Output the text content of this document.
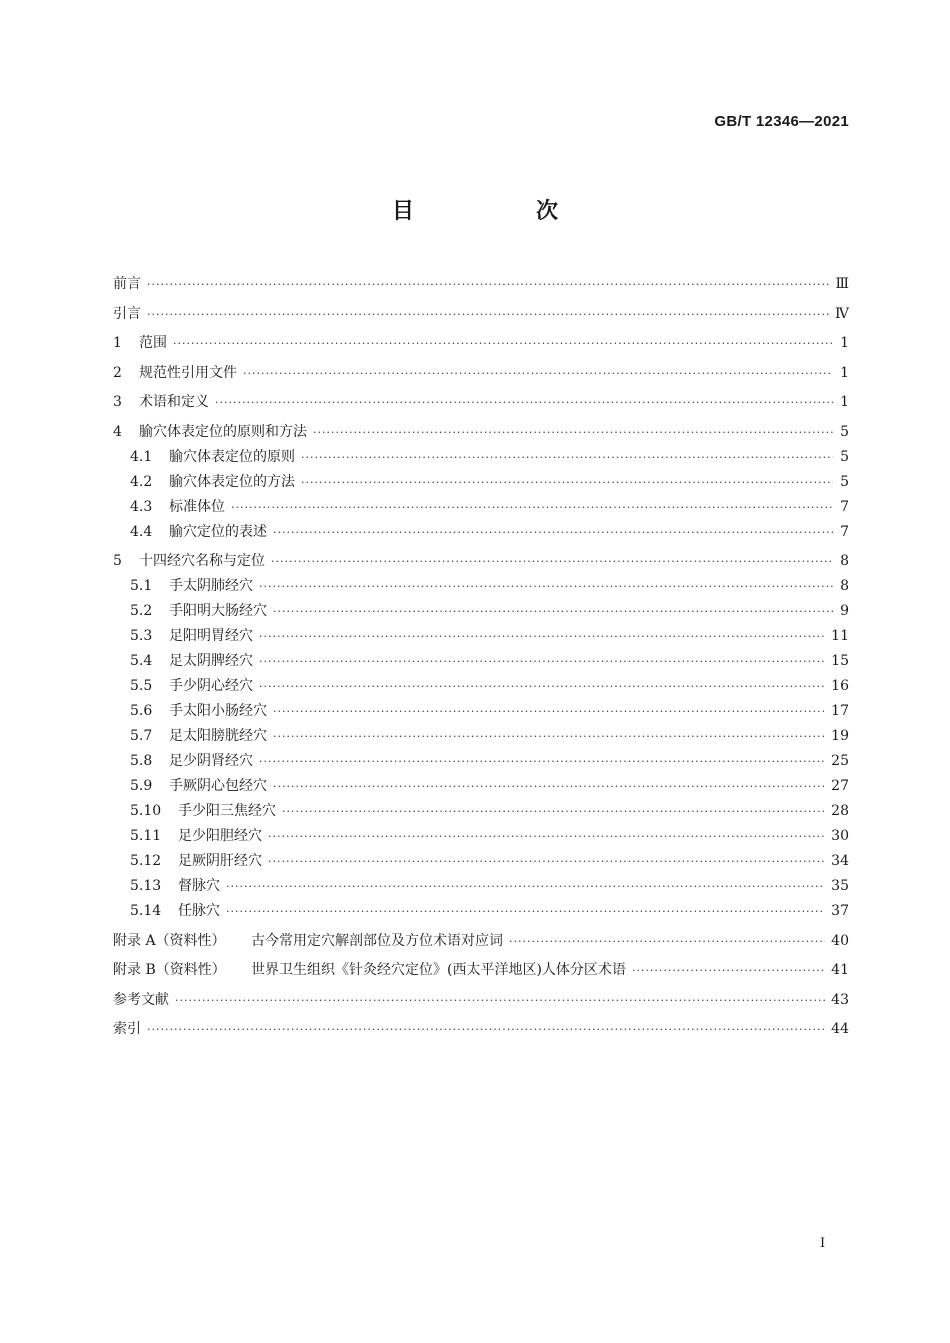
GB/T 12346—2021
目　次
前言 ·····	Ⅲ
引言 ·····	Ⅳ
1	范围 ·····	1
2	规范性引用文件 ·····	1
3	术语和定义 ·····	1
4	腧穴体表定位的原则和方法 ·····	5
4.1	腧穴体表定位的原则 ·····	5
4.2	腧穴体表定位的方法 ·····	5
4.3	标准体位 ·····	7
4.4	腧穴定位的表述 ·····	7
5	十四经穴名称与定位 ·····	8
5.1	手太阴肺经穴 ·····	8
5.2	手阳明大肠经穴 ·····	9
5.3	足阳明胃经穴 ·····	11
5.4	足太阴脾经穴 ·····	15
5.5	手少阴心经穴 ·····	16
5.6	手太阳小肠经穴 ·····	17
5.7	足太阳膀胱经穴 ·····	19
5.8	足少阴肾经穴 ·····	25
5.9	手厥阴心包经穴 ·····	27
5.10	手少阳三焦经穴 ·····	28
5.11	足少阳胆经穴 ·····	30
5.12	足厥阴肝经穴 ·····	34
5.13	督脉穴 ·····	35
5.14	任脉穴 ·····	37
附录 A（资料性）	古今常用定穴解剖部位及方位术语对应词 ·····	40
附录 B（资料性）	世界卫生组织《针灸经穴定位》(西太平洋地区)人体分区术语 ·····	41
参考文献 ·····	43
索引 ·····	44
I
